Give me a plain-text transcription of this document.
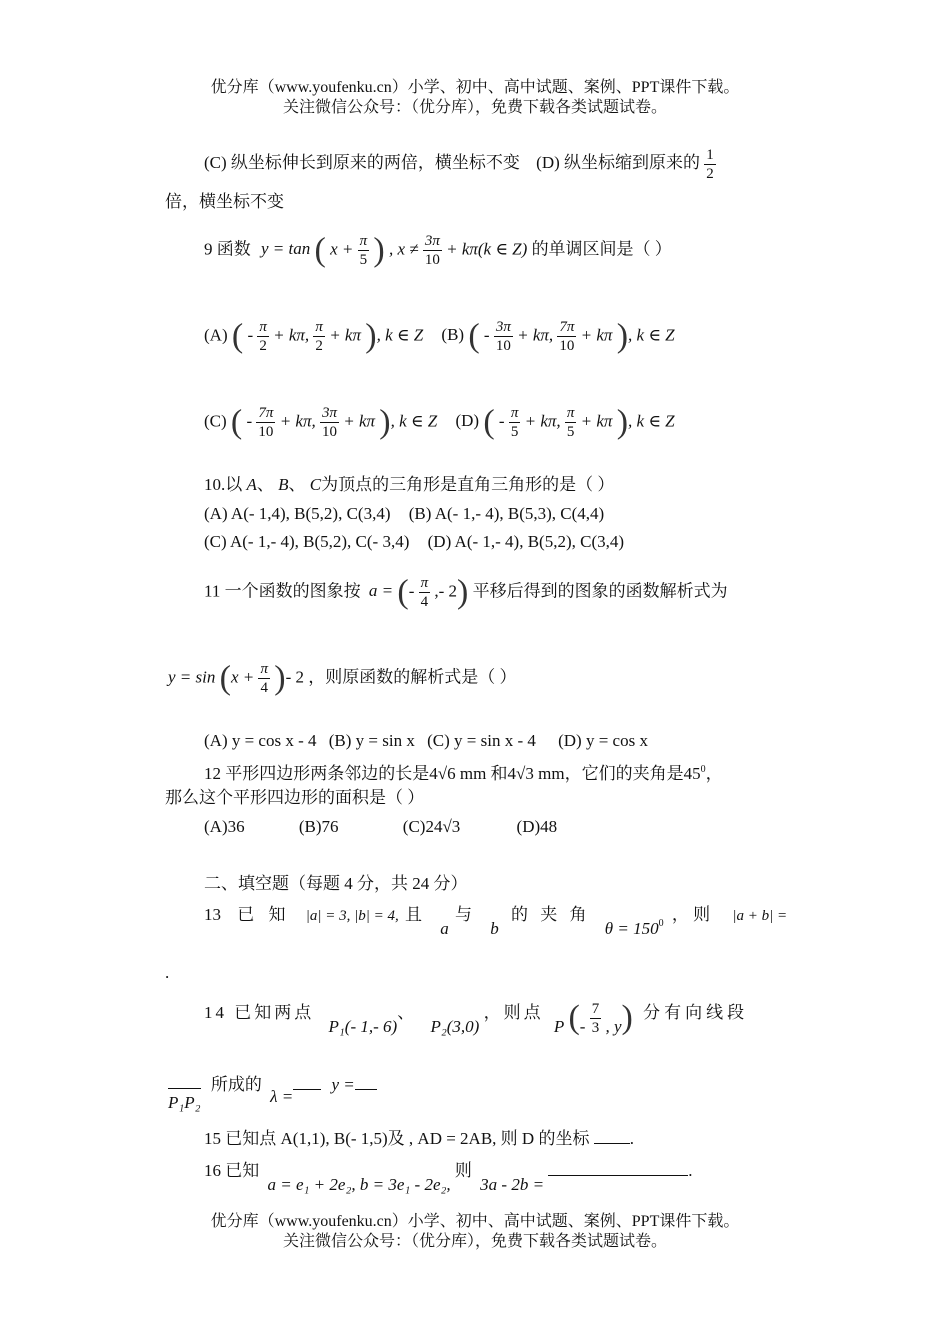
优分库（www.youfenku.cn）小学、初中、高中试题、案例、PPT课件下载。
关注微信公众号：（优分库），免费下载各类试题试卷。
(C) 纵坐标伸长到原来的两倍，横坐标不变 (D) 纵坐标缩到原来的 $\frac{1}{2}$
倍，横坐标不变
9 函数 y = tan ( $x + \frac{\pi}{5}$ ) , $x \ne \frac{3\pi}{10} + k\pi(k$ ∈ Z) 的单调区间是（ ）
(A) ( - $\frac{\pi}{2} + k\pi$, $\frac{\pi}{2} + k\pi$ ), k ∈ Z (B) ( - $\frac{3\pi}{10} + k\pi$, $\frac{7\pi}{10} + k\pi$ ), k ∈ Z
(C) ( - $\frac{7\pi}{10} + k\pi$, $\frac{3\pi}{10} + k\pi$ ), k ∈ Z (D) ( - $\frac{\pi}{5} + k\pi$, $\frac{\pi}{5} + k\pi$ ), k ∈ Z
10.以 A、 B、 C为顶点的三角形是直角三角形的是（ ）
(A) A(- 1,4), B(5,2), C(3,4) (B) A(- 1,- 4), B(5,3), C(4,4)
(C) A(- 1,- 4), B(5,2), C(- 3,4) (D) A(- 1,- 4), B(5,2), C(3,4)
11 一个函数的图象按 a = (- $\frac{\pi}{4}$ ,- 2) 平移后得到的图象的函数解析式为
$y = \sin (x + \frac{\pi}{4}$ )- 2 ，则原函数的解析式是（ ）
(A) y = cos x - 4 (B) y = sin x (C) y = sin x - 4 (D) y = cos x
12 平形四边形两条邻边的长是4√6 mm 和4√3 mm，它们的夹角是$45^0$，
那么这个平形四边形的面积是（ ）
(A)36	(B)76	(C)24√3	(D)48
二、填空题（每题 4 分，共 24 分）
13 已 知 |a| = 3, |b| = 4, 且 a 与 b 的 夹 角 $\theta = 150_0$ ， 则 |a + b| =
.
14 已知两点 P₁(- 1,- 6)、 P₂(3,0) ，则点 P (- $\frac{7}{3}$ , y) 分有向线段
P₁P₂ 所成的 λ = y =
15 已知点 A(1,1), B(- 1,5)及 , AD = 2AB, 则 D 的坐标 .
16 已知 a = e₁ + 2e₂, b = 3e₁ - 2e₂, 则 3a - 2b = .
优分库（www.youfenku.cn）小学、初中、高中试题、案例、PPT课件下载。
关注微信公众号：（优分库），免费下载各类试题试卷。
